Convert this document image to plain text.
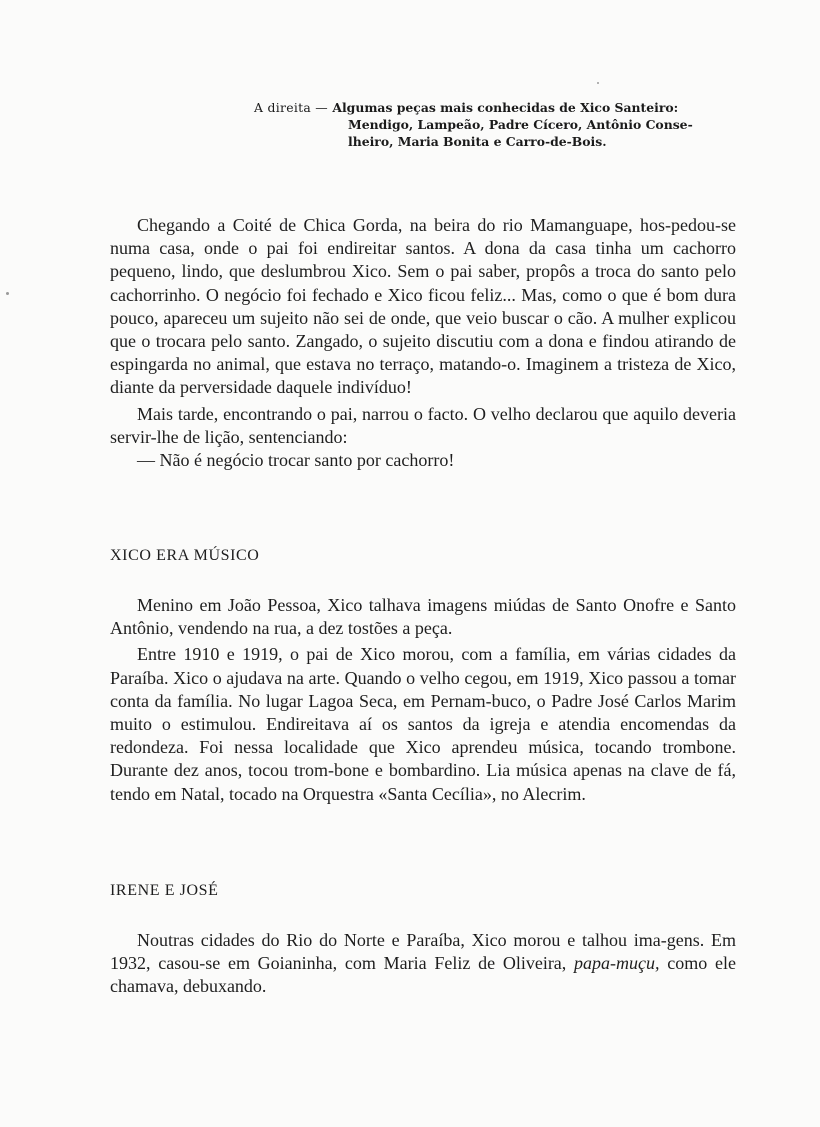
A direita — Algumas peças mais conhecidas de Xico Santeiro:
Mendigo, Lampeão, Padre Cícero, Antônio Conse-
lheiro, Maria Bonita e Carro-de-Bois.

Chegando a Coité de Chica Gorda, na beira do rio Mamanguape, hos-pedou-se numa casa, onde o pai foi endireitar santos. A dona da casa tinha um cachorro pequeno, lindo, que deslumbrou Xico. Sem o pai saber, propôs a troca do santo pelo cachorrinho. O negócio foi fechado e Xico ficou feliz... Mas, como o que é bom dura pouco, apareceu um sujeito não sei de onde, que veio buscar o cão. A mulher explicou que o trocara pelo santo. Zangado, o sujeito discutiu com a dona e findou atirando de espingarda no animal, que estava no terraço, matando-o. Imaginem a tristeza de Xico, diante da perversidade daquele indivíduo!

Mais tarde, encontrando o pai, narrou o facto. O velho declarou que aquilo deveria servir-lhe de lição, sentenciando:

— Não é negócio trocar santo por cachorro!

XICO ERA MÚSICO

Menino em João Pessoa, Xico talhava imagens miúdas de Santo Onofre e Santo Antônio, vendendo na rua, a dez tostões a peça.

Entre 1910 e 1919, o pai de Xico morou, com a família, em várias cidades da Paraíba. Xico o ajudava na arte. Quando o velho cegou, em 1919, Xico passou a tomar conta da família. No lugar Lagoa Seca, em Pernam-buco, o Padre José Carlos Marim muito o estimulou. Endireitava aí os santos da igreja e atendia encomendas da redondeza. Foi nessa localidade que Xico aprendeu música, tocando trombone. Durante dez anos, tocou trom-bone e bombardino. Lia música apenas na clave de fá, tendo em Natal, tocado na Orquestra «Santa Cecília», no Alecrim.

IRENE E JOSÉ

Noutras cidades do Rio do Norte e Paraíba, Xico morou e talhou ima-gens. Em 1932, casou-se em Goianinha, com Maria Feliz de Oliveira, papa-muçu, como ele chamava, debuxando.
